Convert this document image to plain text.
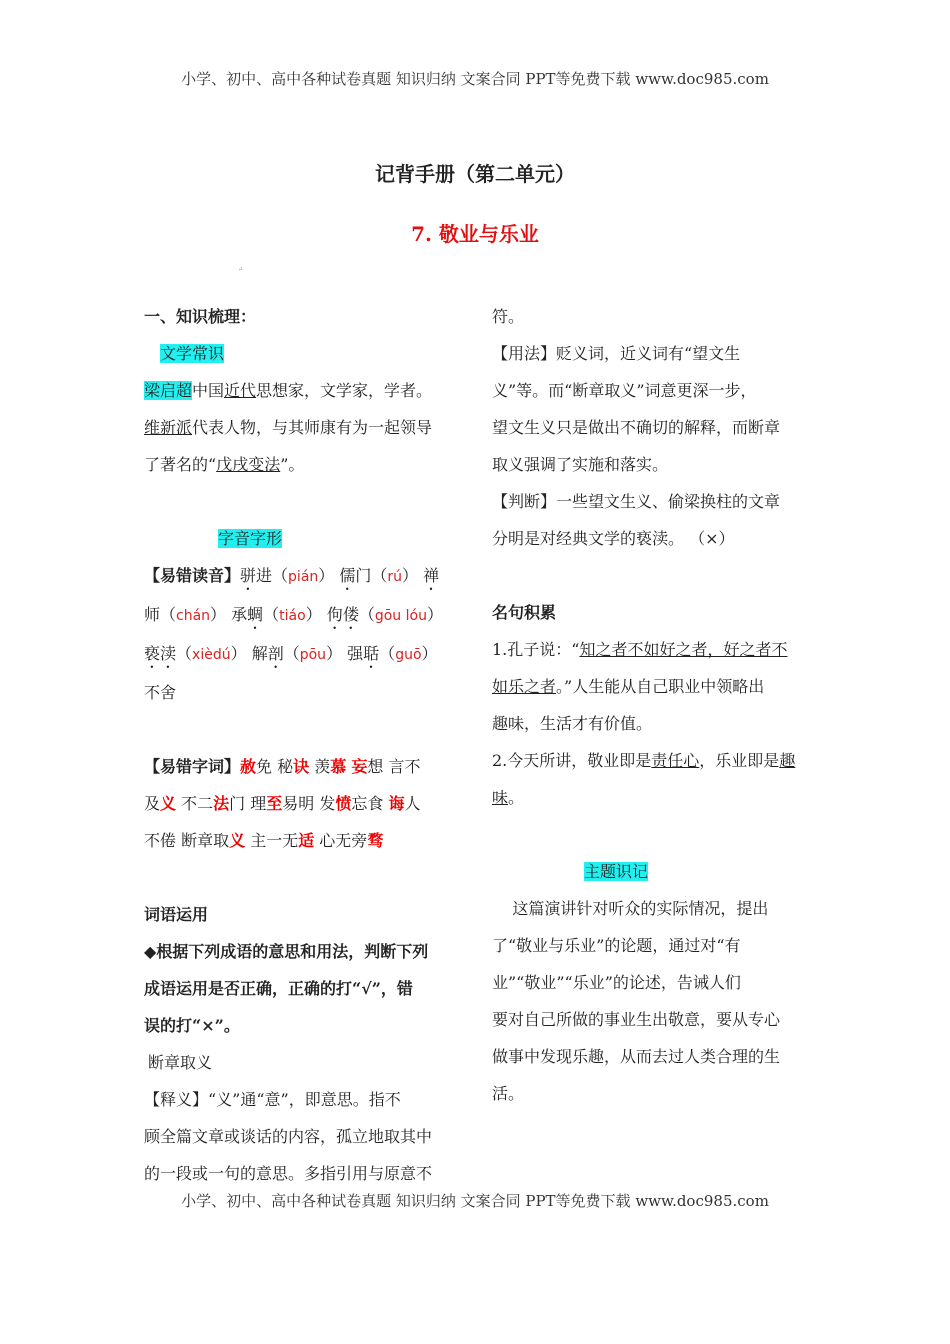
小学、初中、高中各种试卷真题 知识归纳 文案合同 PPT等免费下载 www.doc985.com
记背手册（第二单元）
7. 敬业与乐业
↵
一、知识梳理：
文学常识
梁启超中国近代思想家，文学家，学者。
维新派代表人物，与其师康有为一起领导
了著名的“戊戌变法”。
字音字形
【易错读音】骈进（pián） 儒门（rú） 禅
师（chán） 承蜩（tiáo） 佝偻（gōu lóu）
亵渎（xièdú） 解剖（pōu） 强聒（guō）
不舍
【易错字词】赦免 秘诀 羡慕 妄想 言不
及义 不二法门 理至易明 发愤忘食 诲人
不倦 断章取义 主一无适 心无旁骛
词语运用
◆根据下列成语的意思和用法，判断下列
成语运用是否正确，正确的打“√”，错
误的打“×”。
断章取义
【释义】“义”通“意”，即意思。指不
顾全篇文章或谈话的内容，孤立地取其中
的一段或一句的意思。多指引用与原意不
符。
【用法】贬义词，近义词有“望文生
义”等。而“断章取义”词意更深一步，
望文生义只是做出不确切的解释，而断章
取义强调了实施和落实。
【判断】一些望文生义、偷梁换柱的文章
分明是对经典文学的亵渎。 （×）
名句积累
1.孔子说：“知之者不如好之者，好之者不
如乐之者。”人生能从自己职业中领略出
趣味，生活才有价值。
2.今天所讲，敬业即是责任心，乐业即是趣
味。
主题识记
这篇演讲针对听众的实际情况，提出
了“敬业与乐业”的论题，通过对“有
业”“敬业”“乐业”的论述，告诫人们
要对自己所做的事业生出敬意，要从专心
做事中发现乐趣，从而去过人类合理的生
活。
小学、初中、高中各种试卷真题 知识归纳 文案合同 PPT等免费下载 www.doc985.com
